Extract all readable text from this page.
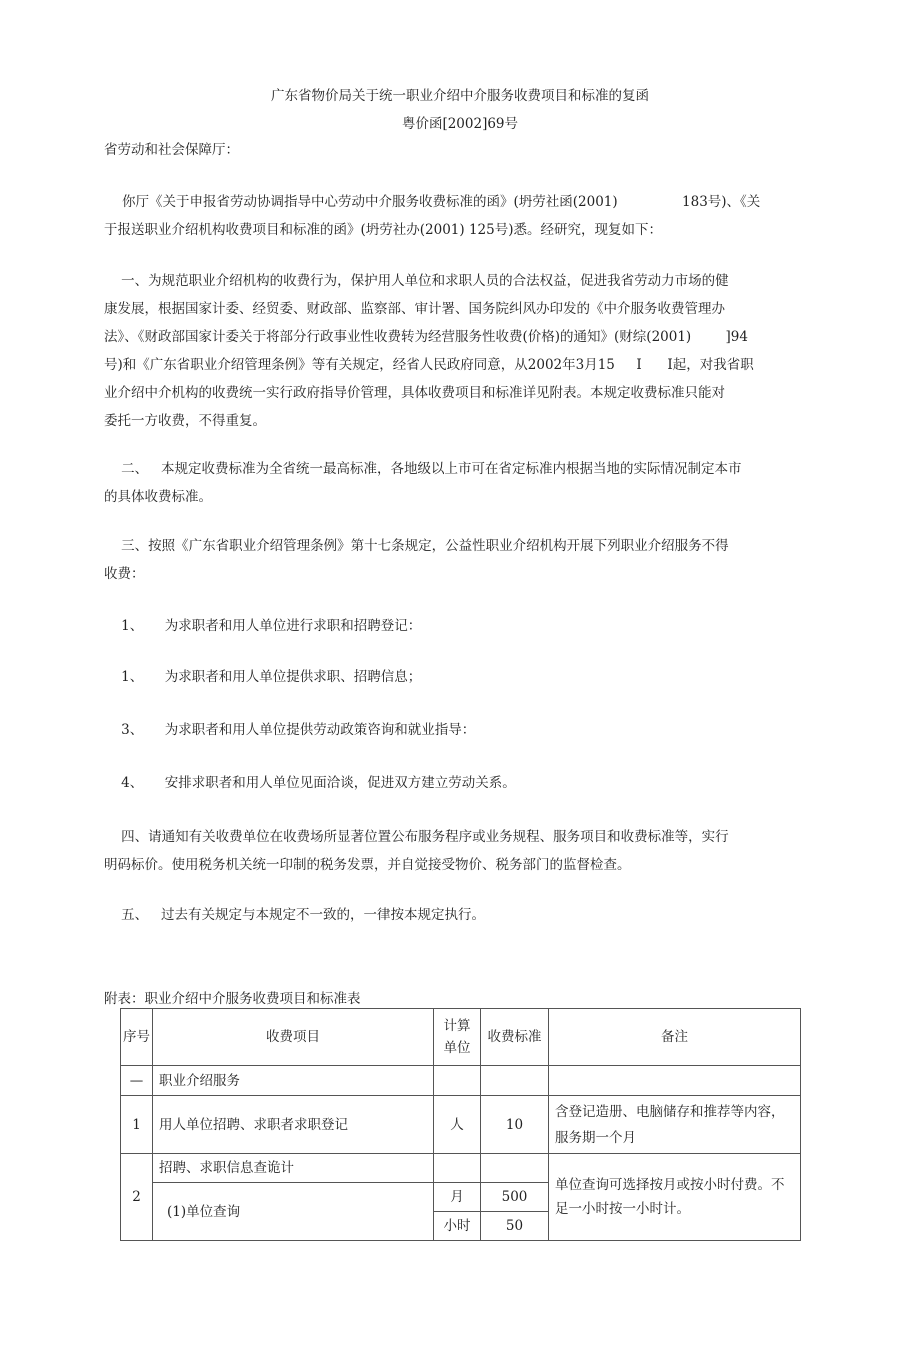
广东省物价局关于统一职业介绍中介服务收费项目和标准的复函
粤价函[2002]69号
省劳动和社会保障厅：
你厅《关于申报省劳动协调指导中心劳动中介服务收费标准的函》(坍劳社函(2001)               183号)、《关
于报送职业介绍机构收费项目和标准的函》(坍劳社办(2001) 125号)悉。经研究，现复如下：
一、为规范职业介绍机构的收费行为，保护用人单位和求职人员的合法权益，促进我省劳动力市场的健
康发展，根据国家计委、经贸委、财政部、监察部、审计署、国务院纠风办印发的《中介服务收费管理办
法》、《财政部国家计委关于将部分行政事业性收费转为经营服务性收费(价格)的通知》(财综(2001)        ]94
号)和《广东省职业介绍管理条例》等有关规定，经省人民政府同意，从2002年3月15     I      I起，对我省职
业介绍中介机构的收费统一实行政府指导价管理，具体收费项目和标准详见附表。本规定收费标准只能对
委托一方收费，不得重复。
二、   本规定收费标准为全省统一最高标准，各地级以上市可在省定标准内根据当地的实际情况制定本市
的具体收费标准。
三、按照《广东省职业介绍管理条例》第十七条规定，公益性职业介绍机构开展下列职业介绍服务不得
收费：
1、     为求职者和用人单位进行求职和招聘登记：
1、     为求职者和用人单位提供求职、招聘信息；
3、     为求职者和用人单位提供劳动政策咨询和就业指导：
4、     安排求职者和用人单位见面洽谈，促进双方建立劳动关系。
四、请通知有关收费单位在收费场所显著位置公布服务程序或业务规程、服务项目和收费标准等，实行
明码标价。使用税务机关统一印制的税务发票，并自觉接受物价、税务部门的监督检查。
五、   过去有关规定与本规定不一致的，一律按本规定执行。
附表：职业介绍中介服务收费项目和标准表
序号	收费项目	计算单位	收费标准	备注
—	职业介绍服务			
1	用人单位招聘、求职者求职登记	人	10	含登记造册、电脑储存和推荐等内容， 服务期一个月
2	招聘、求职信息查诡计			单位查询可选择按月或按小时付费。不足一小时按一小时计。
	(1)单位查询	月	500	
		小时	50	
